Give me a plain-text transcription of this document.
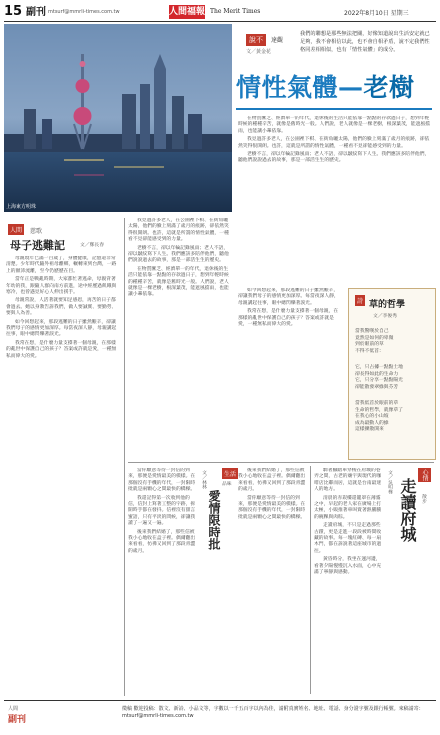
15 副刊 mtsurf@mmrli-times.com.tw	人間福報 The Merit Times	2022年8月10日 星期三
上海東方明珠
說不	達觀
文／黃金花
我們的聯想是那些無法把關，好像知道說出生活安定就已足夠，我不會相信以此，也不會自相矛盾，說不定我們性格同差相相似，也有「情性氣體」的成分。
情性氣體—老樹

在物質匱乏、經濟單一的年代，退休後的生活只能依靠一點點的存款過日子，想到年輕時候的種種辛苦，就像是舊時光一般。人們說，老人就像是一棵老樹，根深葉茂，能遮風擋雨，也能讓小輩依靠。

我見過許多老人，在公園裡下棋、在街角曬太陽，他們的臉上刻滿了歲月的痕跡，卻依然笑得很開朗。也許，這就是所謂的情性氣體，一種看不見卻能感受到的力量。

老樹不言，卻以年輪記錄風雨；老人不語，卻以皺紋寫下人生。我們應該多陪伴他們，聽他們說說過去的故事，那是一部活生生的歷史。

人間	慈歌
母子逃難記	文／鄭長春

母親現年已滿一百歲了，身體健康，記憶還非常清楚。少年時代隨外祖母離鄉，輾轉來到台灣，一路上的顛沛流離，至今仍歷歷在目。

當年正是戰亂時期，大家都忙著逃命，母親背著年幼的我，跟隨人群向南方前進，途中經歷過飢餓與寒冷，也曾遇見好心人伸出援手。

母親常說，人活著就要知足感恩，再苦的日子都會過去。她以身教告訴我們，做人要誠實、要勤勞、要與人為善。

如今回想起來，那段逃難的日子雖然艱辛，卻讓我們母子的感情更加深厚。每當夜深人靜，母親講起往事，眼中總閃爍著淚光。

我常在想，是什麼力量支撐著一個母親，在那樣的亂世中保護自己的孩子？答案或許就是愛，一種無私而偉大的愛。

我見過許多老人，在公園裡下棋、在街角曬太陽，他們的臉上刻滿了歲月的痕跡，卻依然笑得很開朗。也許，這就是所謂的情性氣體，一種看不見卻能感受到的力量。

老樹不言，卻以年輪記錄風雨；老人不語，卻以皺紋寫下人生。我們應該多陪伴他們，聽他們說說過去的故事，那是一部活生生的歷史。

在物質匱乏、經濟單一的年代，退休後的生活只能依靠一點點的存款過日子，想到年輕時候的種種辛苦，就像是舊時光一般。人們說，老人就像是一棵老樹，根深葉茂，能遮風擋雨，也能讓小輩依靠。

如今回想起來，那段逃難的日子雖然艱辛，卻讓我們母子的感情更加深厚。每當夜深人靜，母親講起往事，眼中總閃爍著淚光。

我常在想，是什麼力量支撐著一個母親，在那樣的亂世中保護自己的孩子？答案或許就是愛，一種無私而偉大的愛。

詩 草的哲學
文／李俊秀

當我驚嘆於自己
竟然是如何的卑微
到於眼前的草
不得不低首：

它，只占據一點點土地
卻長得如此的生命力
它，只分享一點點陽光
卻能散發翠綠與芬芳

當我低首於眼前的草
生命的哲學，就像草了
在我心的小山坡
成為最動人的綠
這樣擴散開來

生活
品味
愛情限時批
文／林林

當你願意等待一封信的到來，那便是愛情最美的模樣。在那個沒有手機的年代，一封限時批就是兩顆心之間最快的橋樑。

我還記得第一次收到他的信，信封上寫著工整的字跡，拆開時手都在發抖。信裡沒有甜言蜜語，只有平淡的問候，卻讓我讀了一遍又一遍。

後來我們結婚了，那些信被我小心地收在盒子裡。偶爾翻出來看看，彷彿又回到了那段青澀的歲月。

後來我們結婚了，那些信被我小心地收在盒子裡。偶爾翻出來看看，彷彿又回到了那段青澀的歲月。

當你願意等待一封信的到來，那便是愛情最美的模樣。在那個沒有手機的年代，一封限時批就是兩顆心之間最快的橋樑。

心情
散步
走讀府城
文／吳明樺

騎著腳踏車穿梭在府城的巷弄之間，古老的廟宇與現代的咖啡店比鄰而居，這就是台南最迷人的地方。

清晨的赤崁樓還籠罩在薄霧之中，早起的老人家在廣場上打太極，小販推著車叫賣著熱騰騰的碗粿與肉粽。

走讀府城，不只是走過那些古蹟，更是走進一段段被時間收藏的故事。每一塊紅磚、每一扇木門，都在訴說著這座城市的過往。

黃昏時分，我坐在運河邊，看著夕陽慢慢沉入水面，心中充滿了寧靜與感動。

人間
副刊
徵稿 歡迎投稿：散文、新詩、小品文等，字數以一千五百字以內為佳，請附真實姓名、地址、電話、身分證字號及銀行帳號。來稿請寄：mtsurf@mmrli-times.com.tw
